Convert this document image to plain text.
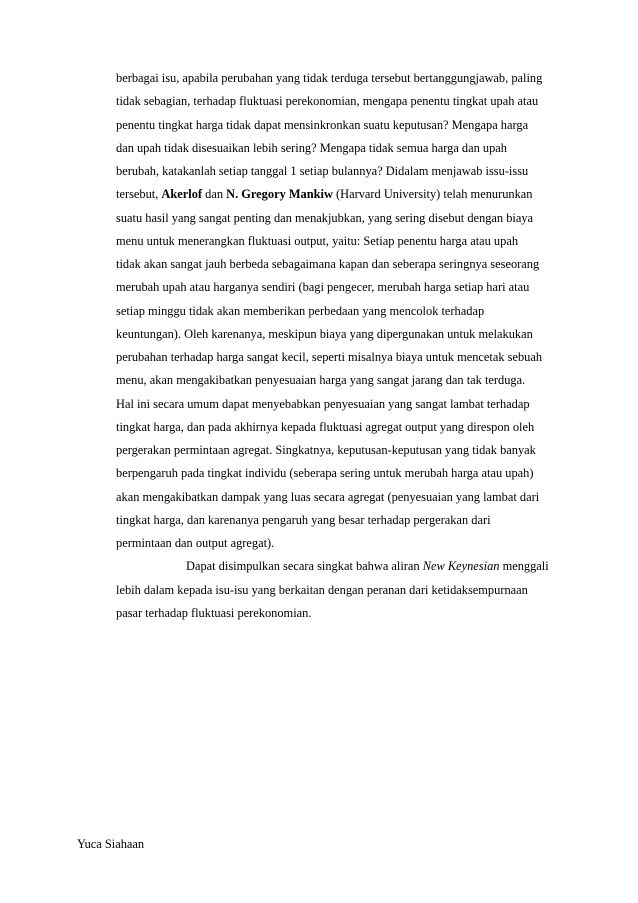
berbagai isu, apabila perubahan yang tidak terduga tersebut bertanggungjawab, paling
tidak sebagian, terhadap fluktuasi perekonomian, mengapa penentu tingkat upah atau
penentu tingkat harga tidak dapat mensinkronkan suatu keputusan? Mengapa harga
dan upah tidak disesuaikan lebih sering? Mengapa tidak semua harga dan upah
berubah, katakanlah setiap tanggal 1 setiap bulannya? Didalam menjawab issu-issu
tersebut, Akerlof dan N. Gregory Mankiw (Harvard University) telah menurunkan
suatu hasil yang sangat penting dan menakjubkan, yang sering disebut dengan biaya
menu untuk menerangkan fluktuasi output, yaitu: Setiap penentu harga atau upah
tidak akan sangat jauh berbeda sebagaimana kapan dan seberapa seringnya seseorang
merubah upah atau harganya sendiri (bagi pengecer, merubah harga setiap hari atau
setiap minggu tidak akan memberikan perbedaan yang mencolok terhadap
keuntungan). Oleh karenanya, meskipun biaya yang dipergunakan untuk melakukan
perubahan terhadap harga sangat kecil, seperti misalnya biaya untuk mencetak sebuah
menu, akan mengakibatkan penyesuaian harga yang sangat jarang dan tak terduga.
Hal ini secara umum dapat menyebabkan penyesuaian yang sangat lambat terhadap
tingkat harga, dan pada akhirnya kepada fluktuasi agregat output yang direspon oleh
pergerakan permintaan agregat. Singkatnya, keputusan-keputusan yang tidak banyak
berpengaruh pada tingkat individu (seberapa sering untuk merubah harga atau upah)
akan mengakibatkan dampak yang luas secara agregat (penyesuaian yang lambat dari
tingkat harga, dan karenanya pengaruh yang besar terhadap pergerakan dari
permintaan dan output agregat).
Dapat disimpulkan secara singkat bahwa aliran New Keynesian menggali
lebih dalam kepada isu-isu yang berkaitan dengan peranan dari ketidaksempurnaan
pasar terhadap fluktuasi perekonomian.
Yuca Siahaan
